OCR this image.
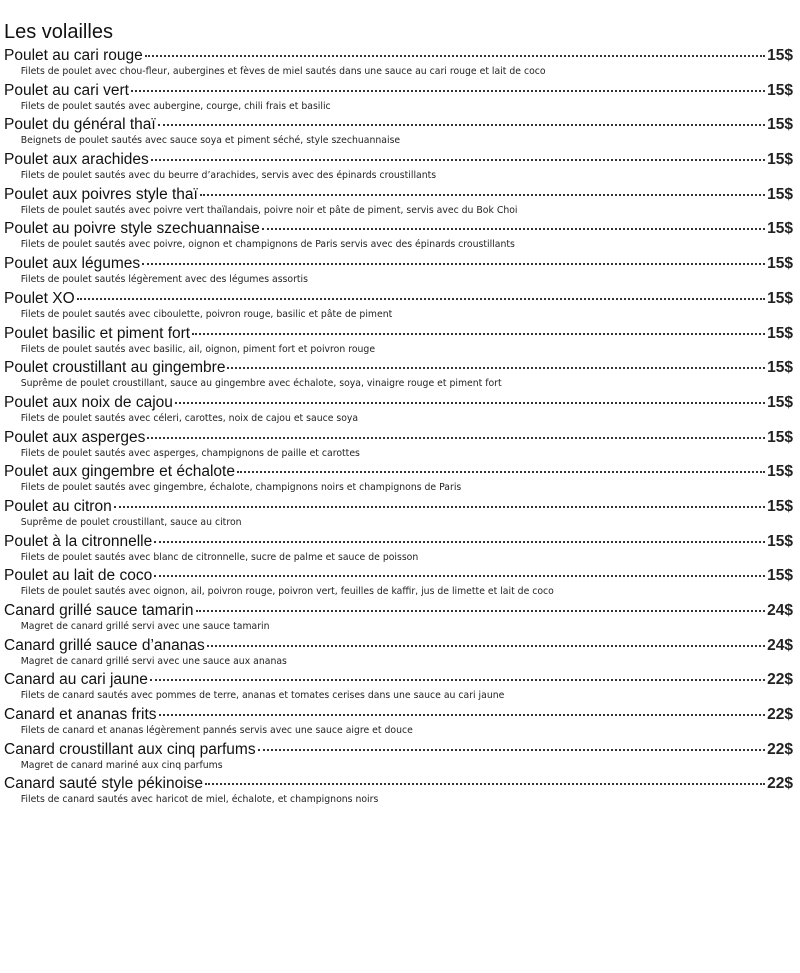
Les volailles
Poulet au cari rouge	15$
Filets de poulet avec chou-fleur, aubergines et fèves de miel sautés dans une sauce au cari rouge et lait de coco
Poulet au cari vert	15$
Filets de poulet sautés avec aubergine, courge, chili frais et basilic
Poulet du général thaï	15$
Beignets de poulet sautés avec sauce soya et piment séché, style szechuannaise
Poulet aux arachides	15$
Filets de poulet sautés avec du beurre d’arachides, servis avec des épinards croustillants
Poulet aux poivres style thaï	15$
Filets de poulet sautés avec poivre vert thaïlandais, poivre noir et pâte de piment, servis avec du Bok Choi
Poulet au poivre style szechuannaise	15$
Filets de poulet sautés avec poivre, oignon et champignons de Paris servis avec des épinards croustillants
Poulet aux légumes	15$
Filets de poulet sautés légèrement avec des légumes assortis
Poulet XO	15$
Filets de poulet sautés avec ciboulette, poivron rouge, basilic et pâte de piment
Poulet basilic et piment fort	15$
Filets de poulet sautés avec basilic, ail, oignon, piment fort et poivron rouge
Poulet croustillant au gingembre	15$
Suprême de poulet croustillant, sauce au gingembre avec échalote, soya, vinaigre rouge et piment fort
Poulet aux noix de cajou	15$
Filets de poulet sautés avec céleri, carottes, noix de cajou et sauce soya
Poulet aux asperges	15$
Filets de poulet sautés avec asperges, champignons de paille et carottes
Poulet aux gingembre et échalote	15$
Filets de poulet sautés avec gingembre, échalote, champignons noirs et champignons de Paris
Poulet au citron	15$
Suprême de poulet croustillant, sauce au citron
Poulet à la citronnelle	15$
Filets de poulet sautés avec blanc de citronnelle, sucre de palme et sauce de poisson
Poulet au lait de coco	15$
Filets de poulet sautés avec oignon, ail, poivron rouge, poivron vert, feuilles de kaffir, jus de limette et lait de coco
Canard grillé sauce tamarin	24$
Magret de canard grillé servi avec une sauce tamarin
Canard grillé sauce d’ananas	24$
Magret de canard grillé servi avec une sauce aux ananas
Canard au cari jaune	22$
Filets de canard sautés avec pommes de terre, ananas et tomates cerises dans une sauce au cari jaune
Canard et ananas frits	22$
Filets de canard et ananas légèrement pannés servis avec une sauce aigre et douce
Canard croustillant aux cinq parfums	22$
Magret de canard mariné aux cinq parfums
Canard sauté style pékinoise	22$
Filets de canard sautés avec haricot de miel, échalote, et champignons noirs
